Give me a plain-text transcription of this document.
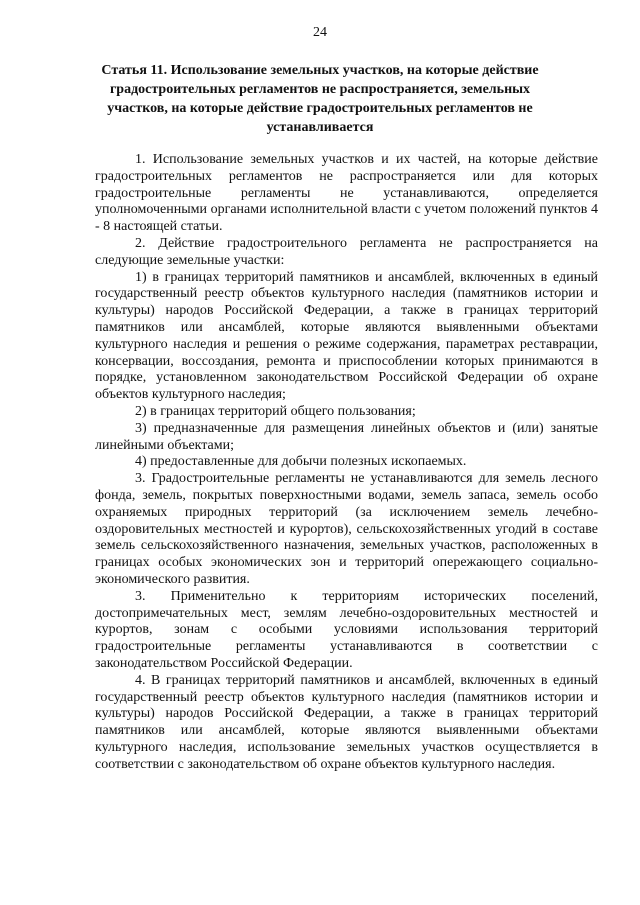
24
Статья 11. Использование земельных участков, на которые действие градостроительных регламентов не распространяется, земельных участков, на которые действие градостроительных регламентов не устанавливается

1. Использование земельных участков и их частей, на которые действие градостроительных регламентов не распространяется или для которых градостроительные регламенты не устанавливаются, определяется уполномоченными органами исполнительной власти с учетом положений пунктов 4 - 8 настоящей статьи.

2. Действие градостроительного регламента не распространяется на следующие земельные участки:

1) в границах территорий памятников и ансамблей, включенных в единый государственный реестр объектов культурного наследия (памятников истории и культуры) народов Российской Федерации, а также в границах территорий памятников или ансамблей, которые являются выявленными объектами культурного наследия и решения о режиме содержания, параметрах реставрации, консервации, воссоздания, ремонта и приспособлении которых принимаются в порядке, установленном законодательством Российской Федерации об охране объектов культурного наследия;

2) в границах территорий общего пользования;

3) предназначенные для размещения линейных объектов и (или) занятые линейными объектами;

4) предоставленные для добычи полезных ископаемых.

3. Градостроительные регламенты не устанавливаются для земель лесного фонда, земель, покрытых поверхностными водами, земель запаса, земель особо охраняемых природных территорий (за исключением земель лечебно-оздоровительных местностей и курортов), сельскохозяйственных угодий в составе земель сельскохозяйственного назначения, земельных участков, расположенных в границах особых экономических зон и территорий опережающего социально-экономического развития.

3. Применительно к территориям исторических поселений, достопримечательных мест, землям лечебно-оздоровительных местностей и курортов, зонам с особыми условиями использования территорий градостроительные регламенты устанавливаются в соответствии с законодательством Российской Федерации.

4. В границах территорий памятников и ансамблей, включенных в единый государственный реестр объектов культурного наследия (памятников истории и культуры) народов Российской Федерации, а также в границах территорий памятников или ансамблей, которые являются выявленными объектами культурного наследия, использование земельных участков осуществляется в соответствии с законодательством об охране объектов культурного наследия.
